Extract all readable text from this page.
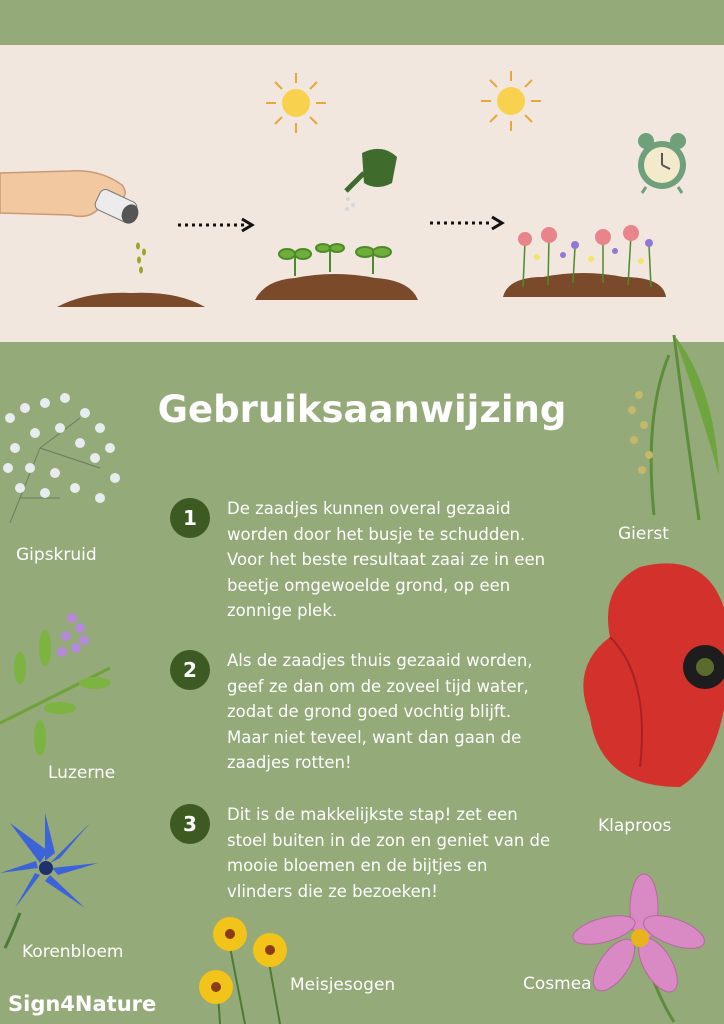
Gebruiksaanwijzing
1	De zaadjes kunnen overal gezaaid worden door het busje te schudden. Voor het beste resultaat zaai ze in een beetje omgewoelde grond, op een zonnige plek.
2	Als de zaadjes thuis gezaaid worden, geef ze dan om de zoveel tijd water, zodat de grond goed vochtig blijft. Maar niet teveel, want dan gaan de zaadjes rotten!
3	Dit is de makkelijkste stap! zet een stoel buiten in de zon en geniet van de mooie bloemen en de bijtjes en vlinders die ze bezoeken!
Gipskruid
Gierst
Luzerne
Klaproos
Korenbloem
Meisjesogen	Cosmea
Sign4Nature
